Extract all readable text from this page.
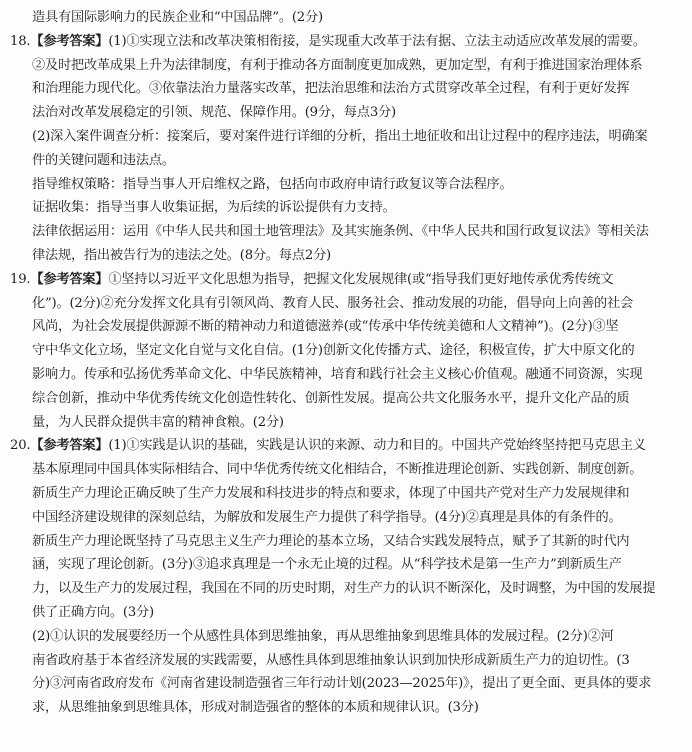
造具有国际影响力的民族企业和“中国品牌”。(2分)
18.【参考答案】(1)①实现立法和改革决策相衔接，是实现重大改革于法有据、立法主动适应改革发展的需要。
②及时把改革成果上升为法律制度，有利于推动各方面制度更加成熟，更加定型，有利于推进国家治理体系
和治理能力现代化。③依靠法治力量落实改革，把法治思维和法治方式贯穿改革全过程，有利于更好发挥
法治对改革发展稳定的引领、规范、保障作用。(9分，每点3分)
(2)深入案件调查分析：接案后，要对案件进行详细的分析，指出土地征收和出让过程中的程序违法，明确案
件的关键问题和违法点。
指导维权策略：指导当事人开启维权之路，包括向市政府申请行政复议等合法程序。
证据收集：指导当事人收集证据，为后续的诉讼提供有力支持。
法律依据运用：运用《中华人民共和国土地管理法》及其实施条例、《中华人民共和国行政复议法》等相关法
律法规，指出被告行为的违法之处。(8分。每点2分)
19.【参考答案】①坚持以习近平文化思想为指导，把握文化发展规律(或“指导我们更好地传承优秀传统文
化”)。(2分)②充分发挥文化具有引领风尚、教育人民、服务社会、推动发展的功能，倡导向上向善的社会
风尚，为社会发展提供源源不断的精神动力和道德滋养(或“传承中华传统美德和人文精神”)。(2分)③坚
守中华文化立场，坚定文化自觉与文化自信。(1分)创新文化传播方式、途径，积极宣传，扩大中原文化的
影响力。传承和弘扬优秀革命文化、中华民族精神，培育和践行社会主义核心价值观。融通不同资源，实现
综合创新，推动中华优秀传统文化创造性转化、创新性发展。提高公共文化服务水平，提升文化产品的质
量，为人民群众提供丰富的精神食粮。(2分)
20.【参考答案】(1)①实践是认识的基础，实践是认识的来源、动力和目的。中国共产党始终坚持把马克思主义
基本原理同中国具体实际相结合、同中华优秀传统文化相结合，不断推进理论创新、实践创新、制度创新。
新质生产力理论正确反映了生产力发展和科技进步的特点和要求，体现了中国共产党对生产力发展规律和
中国经济建设规律的深刻总结，为解放和发展生产力提供了科学指导。(4分)②真理是具体的有条件的。
新质生产力理论既坚持了马克思主义生产力理论的基本立场，又结合实践发展特点，赋予了其新的时代内
涵，实现了理论创新。(3分)③追求真理是一个永无止境的过程。从“科学技术是第一生产力”到新质生产
力，以及生产力的发展过程，我国在不同的历史时期，对生产力的认识不断深化，及时调整，为中国的发展提
供了正确方向。(3分)
(2)①认识的发展要经历一个从感性具体到思维抽象，再从思维抽象到思维具体的发展过程。(2分)②河
南省政府基于本省经济发展的实践需要，从感性具体到思维抽象认识到加快形成新质生产力的迫切性。(3
分)③河南省政府发布《河南省建设制造强省三年行动计划(2023—2025年)》，提出了更全面、更具体的要求
求，从思维抽象到思维具体，形成对制造强省的整体的本质和规律认识。(3分)
